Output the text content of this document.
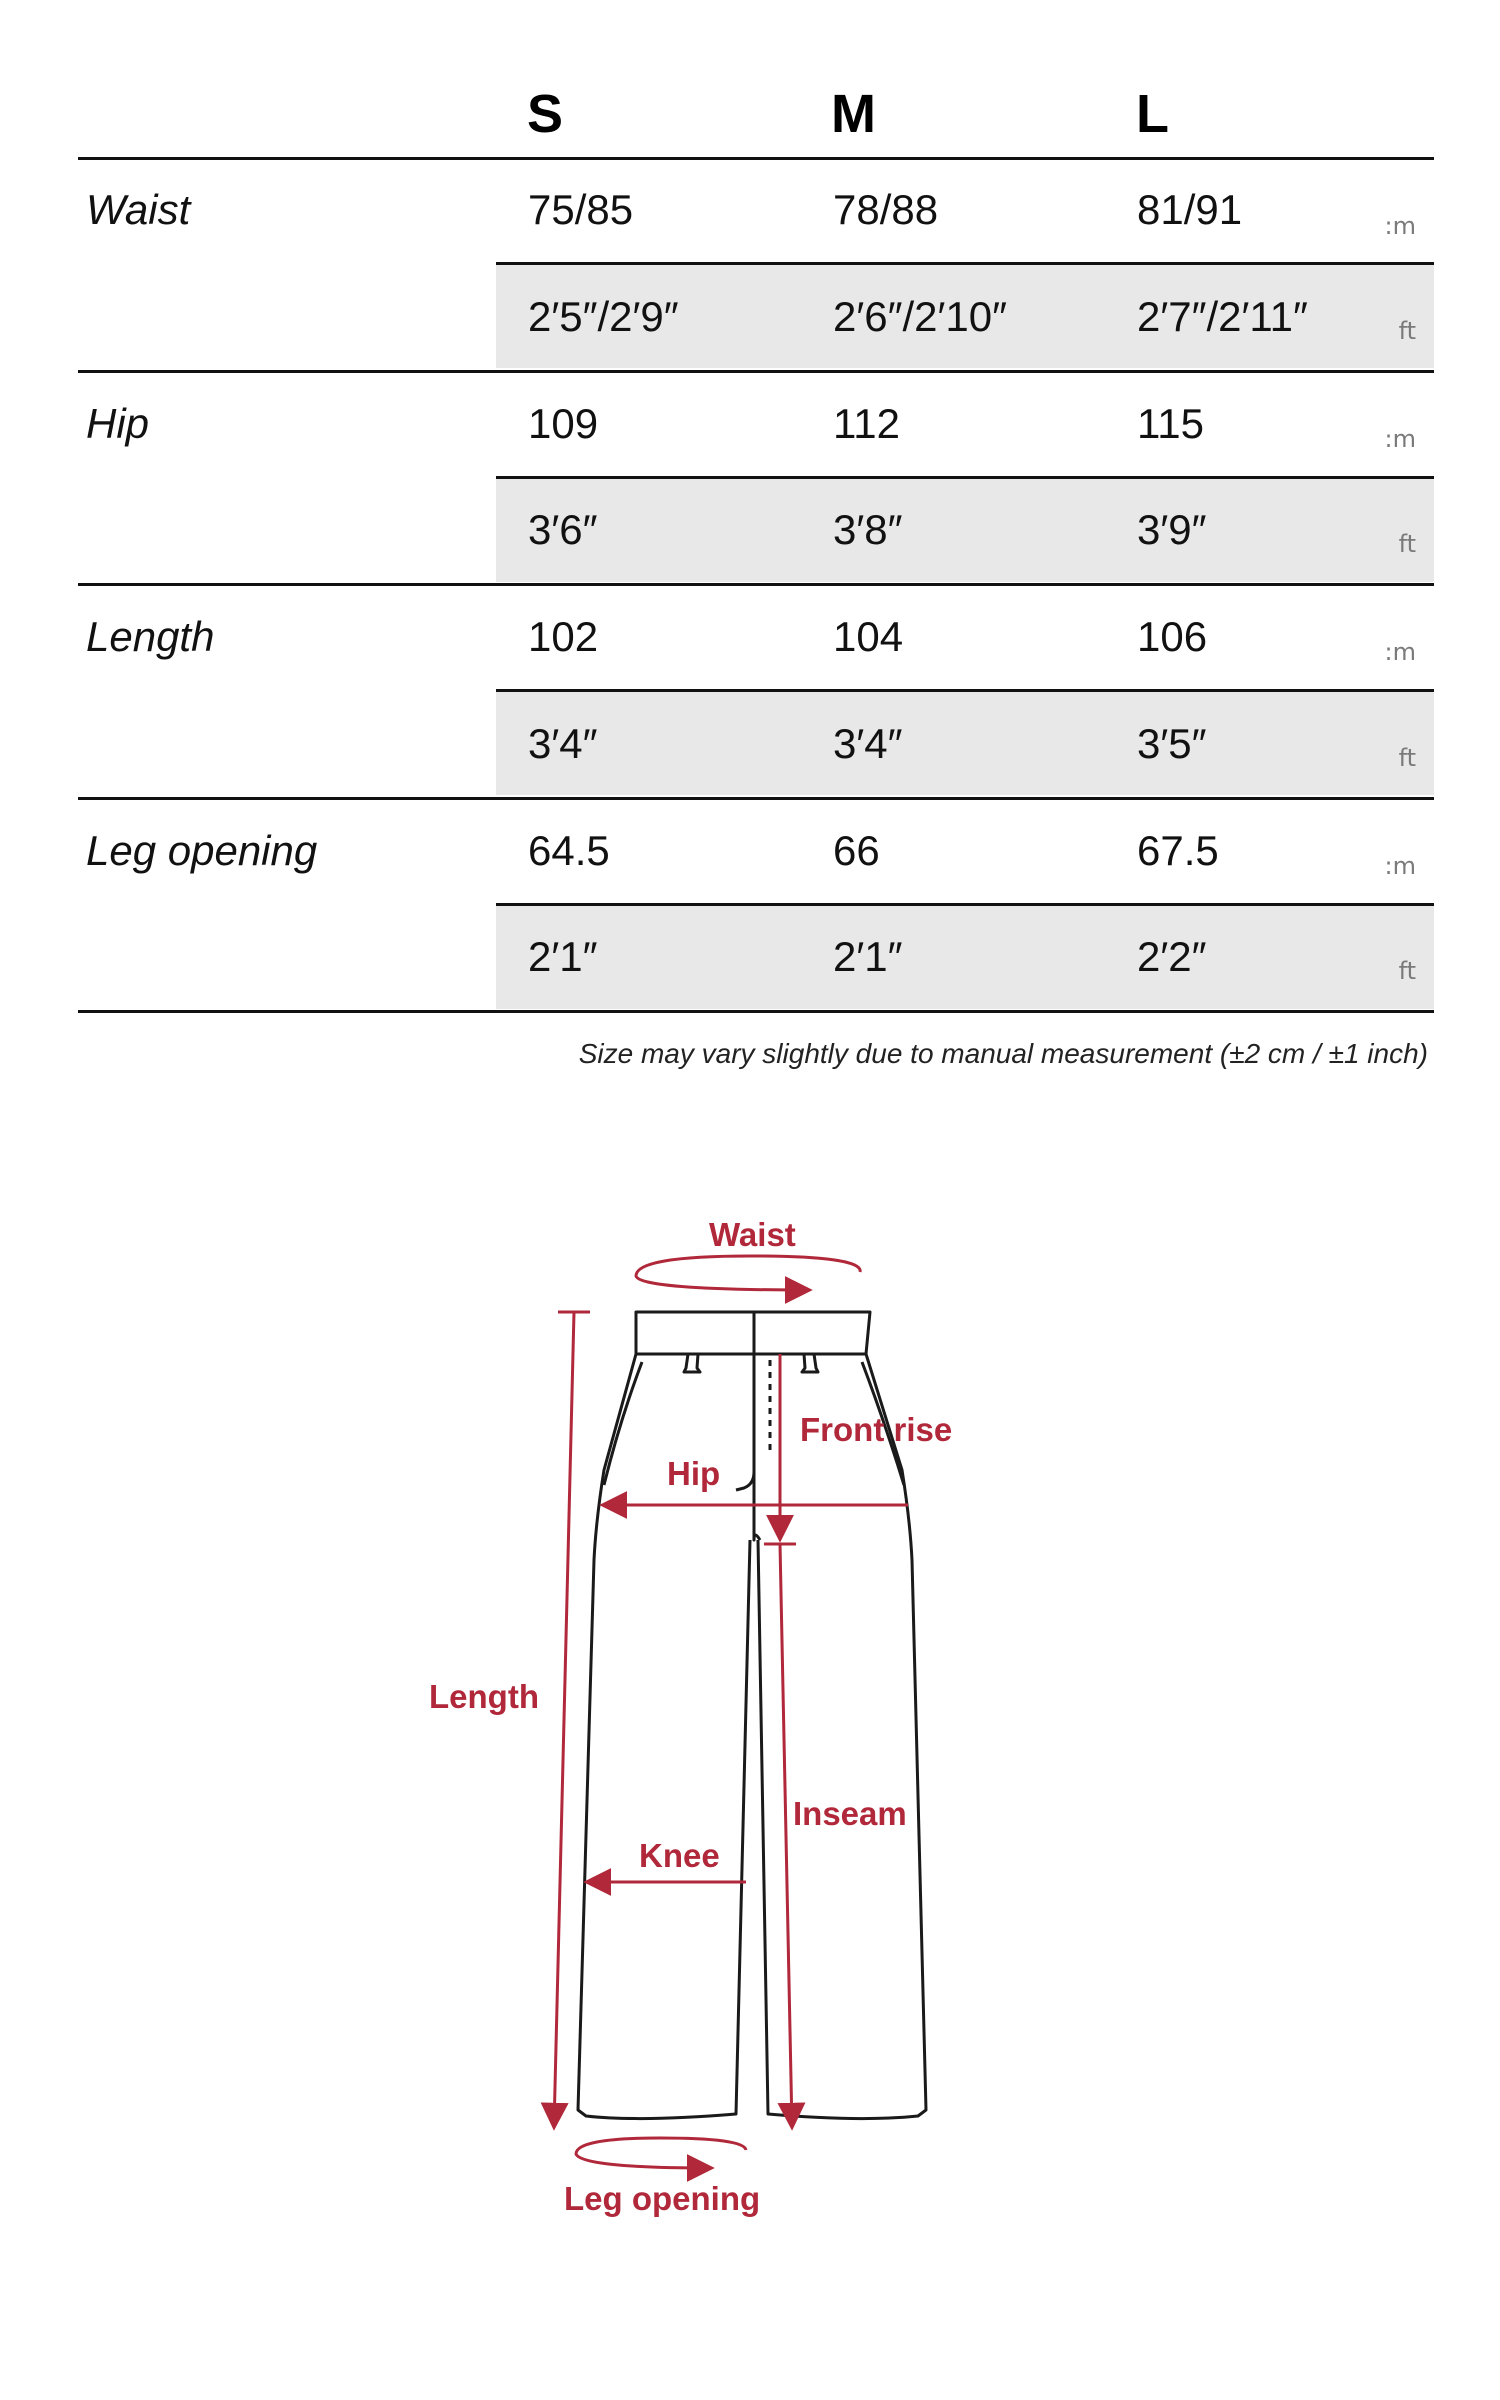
S	M	L
Waist	75/85	78/88	81/91	:m
2′5″/2′9″	2′6″/2′10″	2′7″/2′11″	ft
Hip	109	112	115	:m
3′6″	3′8″	3′9″	ft
Length	102	104	106	:m
3′4″	3′4″	3′5″	ft
Leg opening	64.5	66	67.5	:m
2′1″	2′1″	2′2″	ft
Size may vary slightly due to manual measurement (±2 cm / ±1 inch)
Waist
Front rise
Hip
Length
Inseam
Knee
Leg opening
